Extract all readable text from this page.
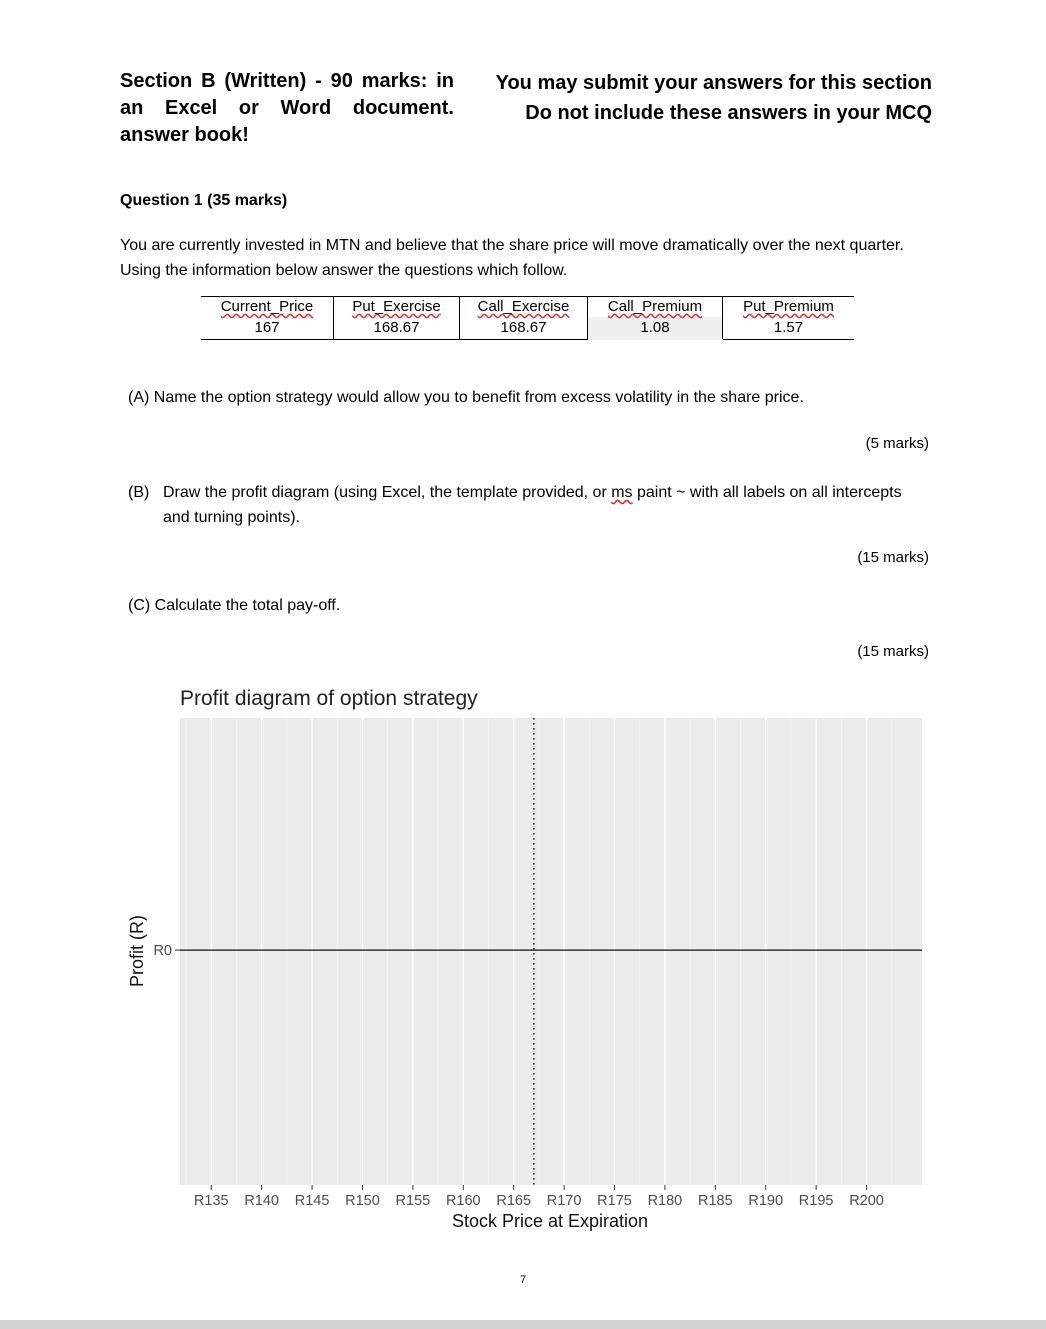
Section B (Written) - 90 marks: in an Excel or Word document. answer book!
You may submit your answers for this section
Do not include these answers in your MCQ
Question 1 (35 marks)
You are currently invested in MTN and believe that the share price will move dramatically over the next quarter. Using the information below answer the questions which follow.
Current_Price	Put_Exercise	Call_Exercise	Call_Premium	Put_Premium
167	168.67	168.67	1.08	1.57
(A) Name the option strategy would allow you to benefit from excess volatility in the share price.
(5 marks)
(B) Draw the profit diagram (using Excel, the template provided, or ms paint ~ with all labels on all intercepts and turning points).
(15 marks)
(C) Calculate the total pay-off.
(15 marks)
Profit diagram of option strategy
R135 R140 R145 R150 R155 R160 R165 R170 R175 R180 R185 R190 R195 R200
R0
Stock Price at Expiration
Profit (R)
7
